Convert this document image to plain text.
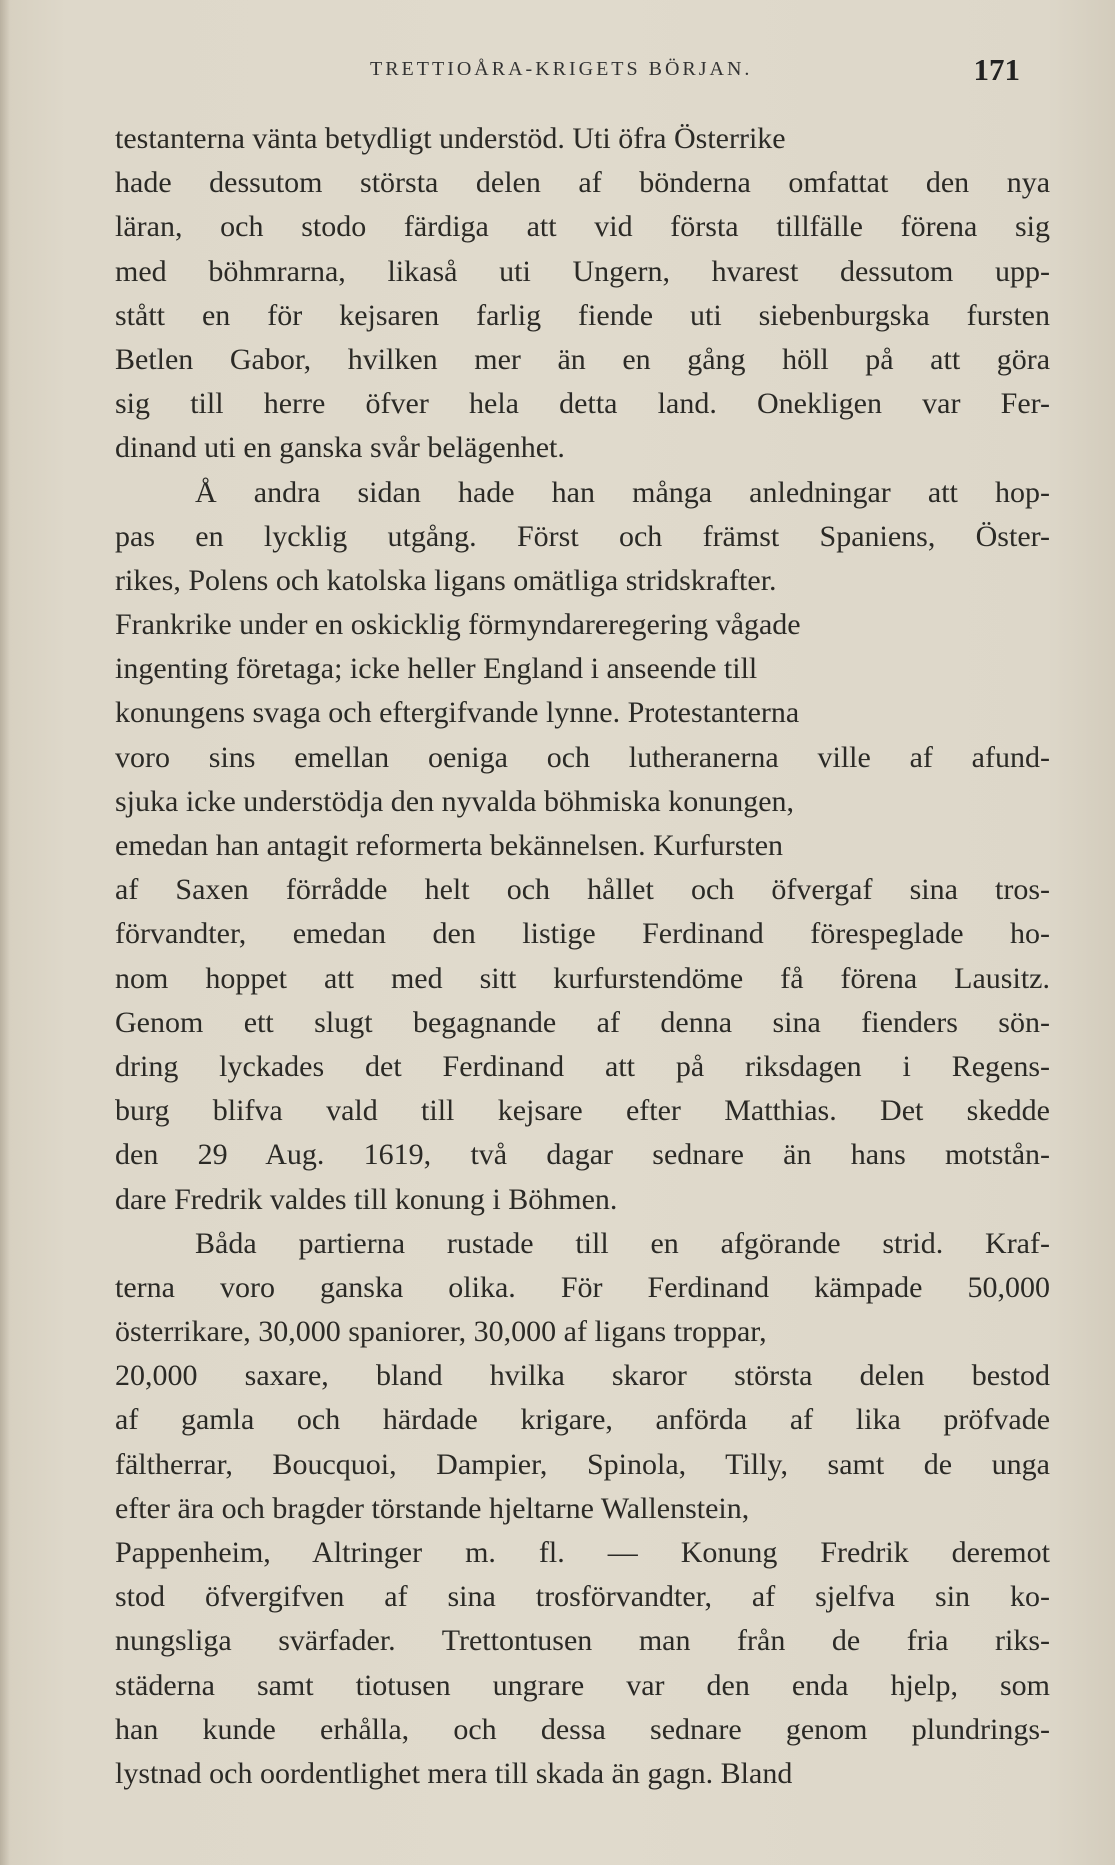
TRETTIOÅRA-KRIGETS BÖRJAN.	171
testanterna vänta betydligt understöd. Uti öfra Österrike
hade dessutom största delen af bönderna omfattat den nya
läran, och stodo färdiga att vid första tillfälle förena sig
med böhmrarna, likaså uti Ungern, hvarest dessutom upp-
stått en för kejsaren farlig fiende uti siebenburgska fursten
Betlen Gabor, hvilken mer än en gång höll på att göra
sig till herre öfver hela detta land. Onekligen var Fer-
dinand uti en ganska svår belägenhet.
Å andra sidan hade han många anledningar att hop-
pas en lycklig utgång. Först och främst Spaniens, Öster-
rikes, Polens och katolska ligans omätliga stridskrafter.
Frankrike under en oskicklig förmyndareregering vågade
ingenting företaga; icke heller England i anseende till
konungens svaga och eftergifvande lynne. Protestanterna
voro sins emellan oeniga och lutheranerna ville af afund-
sjuka icke understödja den nyvalda böhmiska konungen,
emedan han antagit reformerta bekännelsen. Kurfursten
af Saxen förrådde helt och hållet och öfvergaf sina tros-
förvandter, emedan den listige Ferdinand förespeglade ho-
nom hoppet att med sitt kurfurstendöme få förena Lausitz.
Genom ett slugt begagnande af denna sina fienders sön-
dring lyckades det Ferdinand att på riksdagen i Regens-
burg blifva vald till kejsare efter Matthias. Det skedde
den 29 Aug. 1619, två dagar sednare än hans motstån-
dare Fredrik valdes till konung i Böhmen.
Båda partierna rustade till en afgörande strid. Kraf-
terna voro ganska olika. För Ferdinand kämpade 50,000
österrikare, 30,000 spaniorer, 30,000 af ligans troppar,
20,000 saxare, bland hvilka skaror största delen bestod
af gamla och härdade krigare, anförda af lika pröfvade
fältherrar, Boucquoi, Dampier, Spinola, Tilly, samt de unga
efter ära och bragder törstande hjeltarne Wallenstein,
Pappenheim, Altringer m. fl. — Konung Fredrik deremot
stod öfvergifven af sina trosförvandter, af sjelfva sin ko-
nungsliga svärfader. Trettontusen man från de fria riks-
städerna samt tiotusen ungrare var den enda hjelp, som
han kunde erhålla, och dessa sednare genom plundrings-
lystnad och oordentlighet mera till skada än gagn. Bland
